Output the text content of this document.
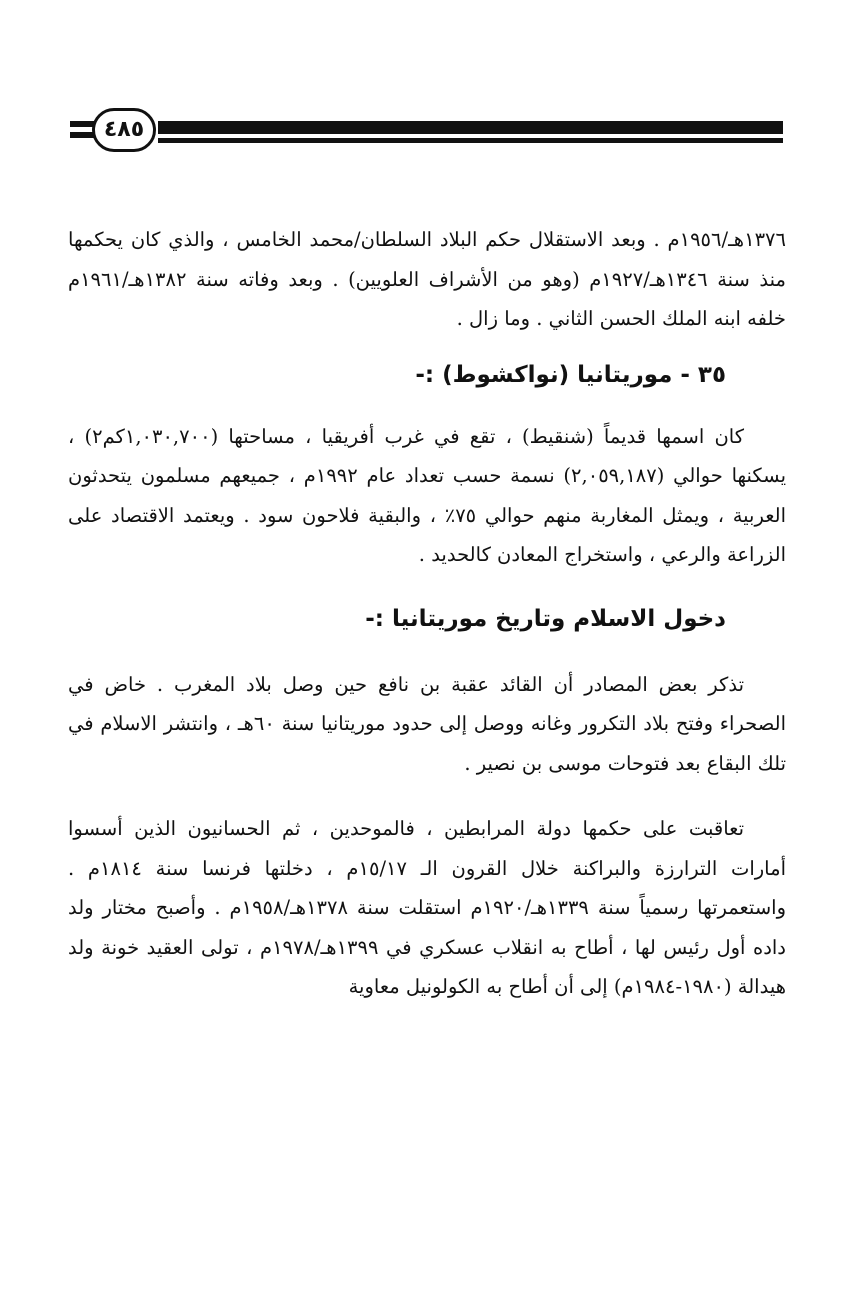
٤٨٥

١٣٧٦هـ/١٩٥٦م . وبعد الاستقلال حكم البلاد السلطان/محمد الخامس ، والذي كان يحكمها منذ سنة ١٣٤٦هـ/١٩٢٧م (وهو من الأشراف العلويين) . وبعد وفاته سنة ١٣٨٢هـ/١٩٦١م خلفه ابنه الملك الحسن الثاني . وما زال .

٣٥ - موريتانيا (نواكشوط) :-

كان اسمها قديماً (شنقيط) ، تقع في غرب أفريقيا ، مساحتها (١,٠٣٠,٧٠٠كم٢) ، يسكنها حوالي (٢,٠٥٩,١٨٧) نسمة حسب تعداد عام ١٩٩٢م ، جميعهم مسلمون يتحدثون العربية ، ويمثل المغاربة منهم حوالي ٧٥٪ ، والبقية فلاحون سود . ويعتمد الاقتصاد على الزراعة والرعي ، واستخراج المعادن كالحديد .

دخول الاسلام وتاريخ موريتانيا :-

تذكر بعض المصادر أن القائد عقبة بن نافع حين وصل بلاد المغرب . خاض في الصحراء وفتح بلاد التكرور وغانه ووصل إلى حدود موريتانيا سنة ٦٠هـ ، وانتشر الاسلام في تلك البقاع بعد فتوحات موسى بن نصير .

تعاقبت على حكمها دولة المرابطين ، فالموحدين ، ثم الحسانيون الذين أسسوا أمارات الترارزة والبراكنة خلال القرون الـ ١٥/١٧م ، دخلتها فرنسا سنة ١٨١٤م . واستعمرتها رسمياً سنة ١٣٣٩هـ/١٩٢٠م استقلت سنة ١٣٧٨هـ/١٩٥٨م . وأصبح مختار ولد داده أول رئيس لها ، أطاح به انقلاب عسكري في ١٣٩٩هـ/١٩٧٨م ، تولى العقيد خونة ولد هيدالة (١٩٨٠-١٩٨٤م) إلى أن أطاح به الكولونيل معاوية
